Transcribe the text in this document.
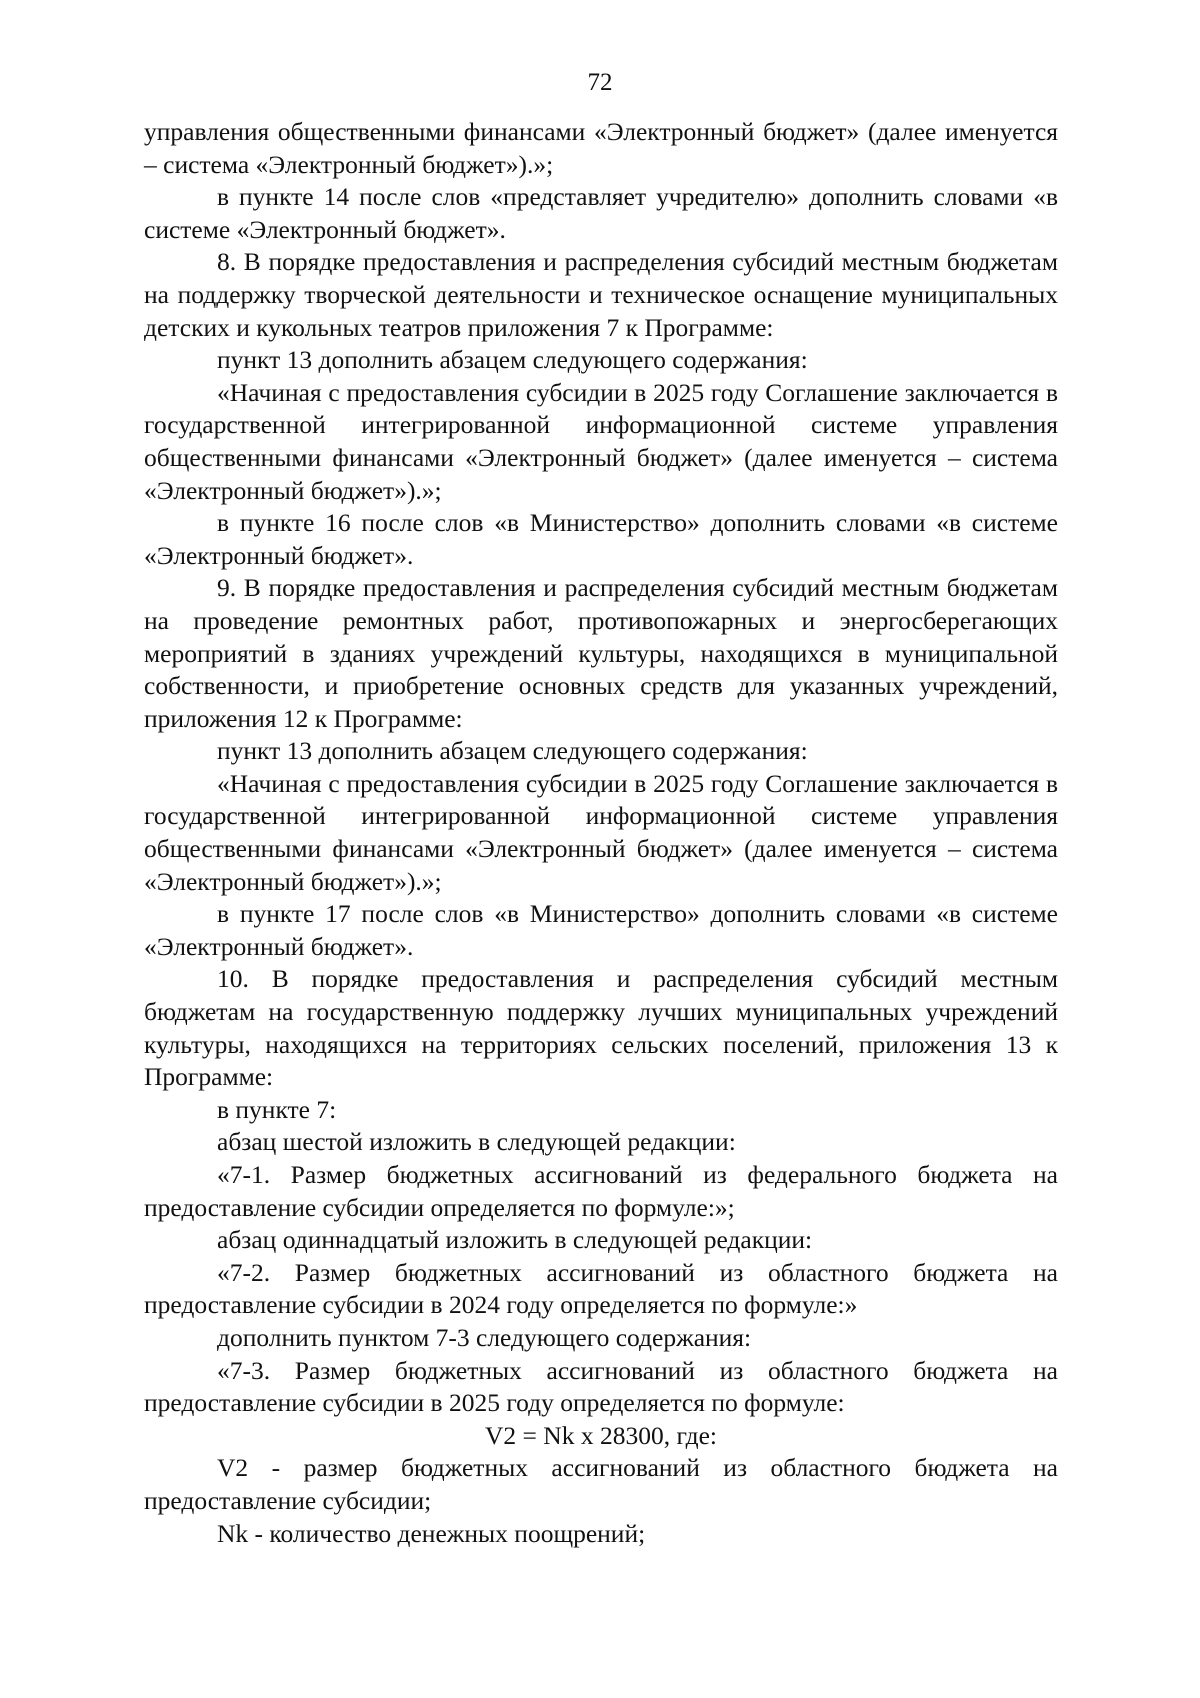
72

управления общественными финансами «Электронный бюджет» (далее именуется – система «Электронный бюджет»).»;

в пункте 14 после слов «представляет учредителю» дополнить словами «в системе «Электронный бюджет».

8. В порядке предоставления и распределения субсидий местным бюджетам на поддержку творческой деятельности и техническое оснащение муниципальных детских и кукольных театров приложения 7 к Программе:

пункт 13 дополнить абзацем следующего содержания:

«Начиная с предоставления субсидии в 2025 году Соглашение заключается в государственной интегрированной информационной системе управления общественными финансами «Электронный бюджет» (далее именуется – система «Электронный бюджет»).»;

в пункте 16 после слов «в Министерство» дополнить словами «в системе «Электронный бюджет».

9. В порядке предоставления и распределения субсидий местным бюджетам на проведение ремонтных работ, противопожарных и энергосберегающих мероприятий в зданиях учреждений культуры, находящихся в муниципальной собственности, и приобретение основных средств для указанных учреждений, приложения 12 к Программе:

пункт 13 дополнить абзацем следующего содержания:

«Начиная с предоставления субсидии в 2025 году Соглашение заключается в государственной интегрированной информационной системе управления общественными финансами «Электронный бюджет» (далее именуется – система «Электронный бюджет»).»;

в пункте 17 после слов «в Министерство» дополнить словами «в системе «Электронный бюджет».

10. В порядке предоставления и распределения субсидий местным бюджетам на государственную поддержку лучших муниципальных учреждений культуры, находящихся на территориях сельских поселений, приложения 13 к Программе:

в пункте 7:

абзац шестой изложить в следующей редакции:

«7-1. Размер бюджетных ассигнований из федерального бюджета на предоставление субсидии определяется по формуле:»;

абзац одиннадцатый изложить в следующей редакции:

«7-2. Размер бюджетных ассигнований из областного бюджета на предоставление субсидии в 2024 году определяется по формуле:»

дополнить пунктом 7-3 следующего содержания:

«7-3. Размер бюджетных ассигнований из областного бюджета на предоставление субсидии в 2025 году определяется по формуле:

V2 = Nk x 28300, где:

V2 - размер бюджетных ассигнований из областного бюджета на предоставление субсидии;

Nk - количество денежных поощрений;
